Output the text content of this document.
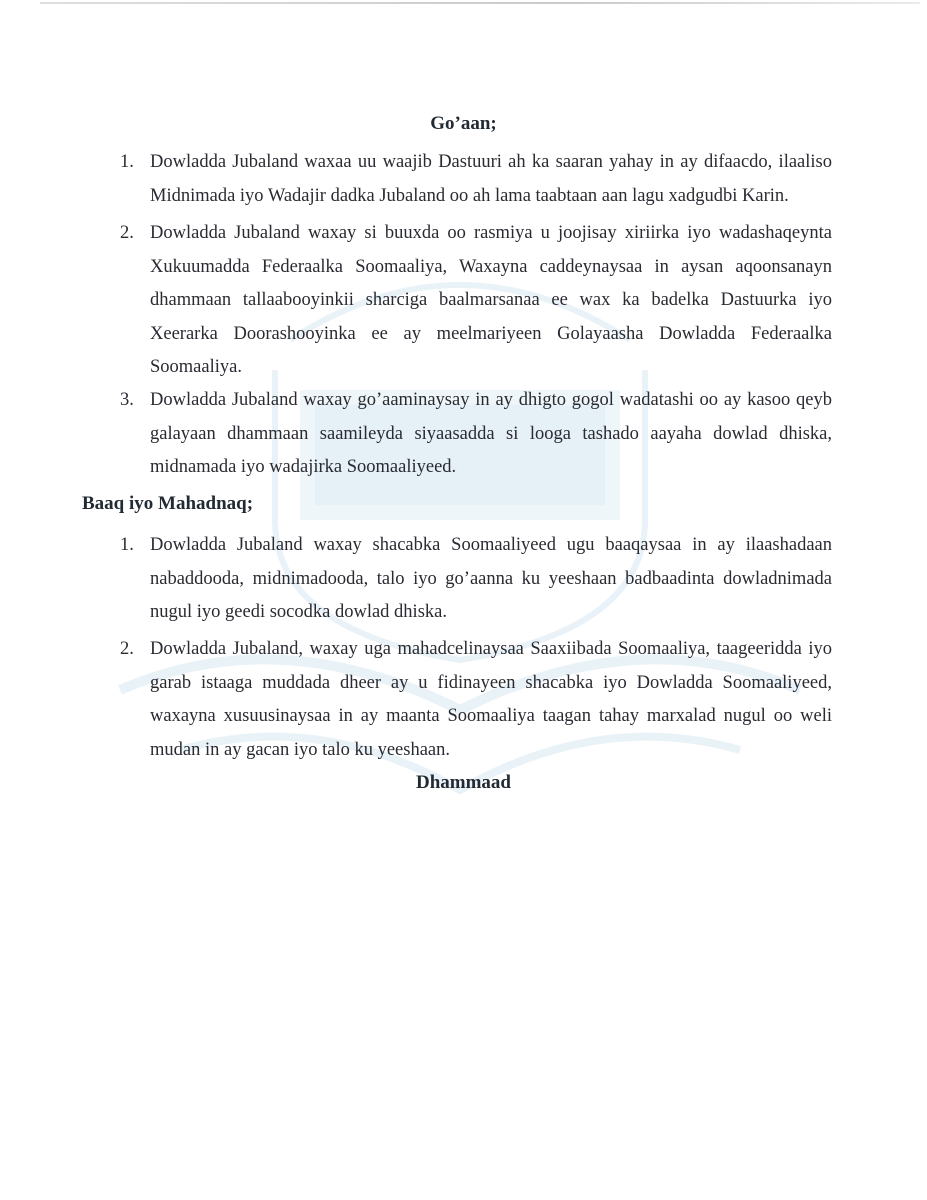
Go’aan;
1. Dowladda Jubaland waxaa uu waajib Dastuuri ah ka saaran yahay in ay difaacdo, ilaaliso Midnimada iyo Wadajir dadka Jubaland oo ah lama taabtaan aan lagu xadgudbi Karin.
2. Dowladda Jubaland waxay si buuxda oo rasmiya u joojisay xiriirka iyo wadashaqeynta Xukuumadda Federaalka Soomaaliya, Waxayna caddeynaysaa in aysan aqoonsanayn dhammaan tallaabooyinkii sharciga baalmarsanaa ee wax ka badelka Dastuurka iyo Xeerarka Doorashooyinka ee ay meelmariyeen Golayaasha Dowladda Federaalka Soomaaliya.
3. Dowladda Jubaland waxay go’aaminaysay in ay dhigto gogol wadatashi oo ay kasoo qeyb galayaan dhammaan saamileyda siyaasadda si looga tashado aayaha dowlad dhiska, midnamada iyo wadajirka Soomaaliyeed.
Baaq iyo Mahadnaq;
1. Dowladda Jubaland waxay shacabka Soomaaliyeed ugu baaqaysaa in ay ilaashadaan nabaddooda, midnimadooda, talo iyo go’aanna ku yeeshaan badbaadinta dowladnimada nugul iyo geedi socodka dowlad dhiska.
2. Dowladda Jubaland, waxay uga mahadcelinaysaa Saaxiibada Soomaaliya, taageeridda iyo garab istaaga muddada dheer ay u fidinayeen shacabka iyo Dowladda Soomaaliyeed, waxayna xusuusinaysaa in ay maanta Soomaaliya taagan tahay marxalad nugul oo weli mudan in ay gacan iyo talo ku yeeshaan.
Dhammaad
